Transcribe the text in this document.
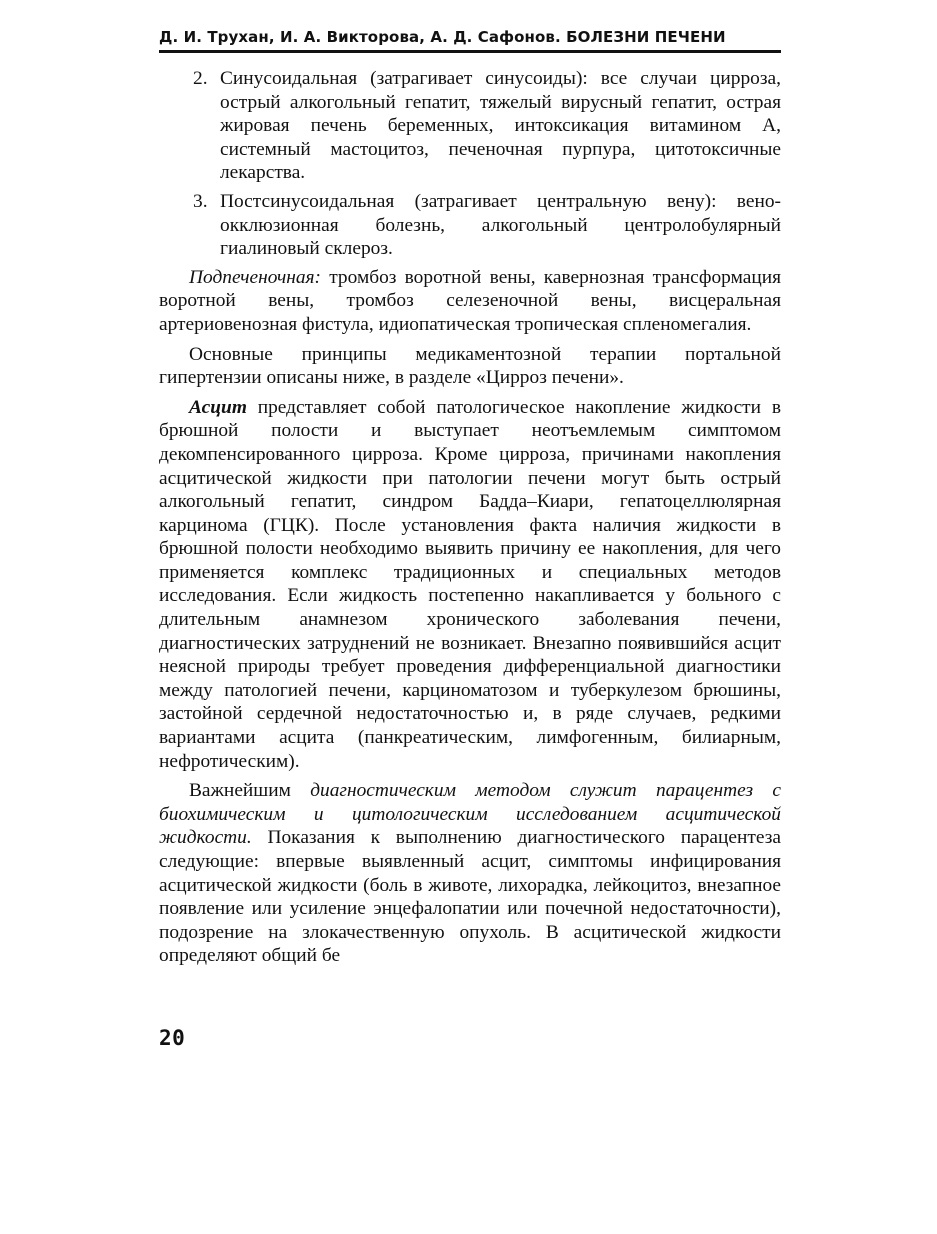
Д. И. Трухан, И. А. Викторова, А. Д. Сафонов. БОЛЕЗНИ ПЕЧЕНИ
2. Синусоидальная (затрагивает синусоиды): все случаи цирроза, острый алкогольный гепатит, тяжелый вирусный гепатит, острая жировая печень беременных, интоксикация витамином А, системный мастоцитоз, печеночная пурпура, цитотоксичные лекарства.
3. Постсинусоидальная (затрагивает центральную вену): вено-окклюзионная болезнь, алкогольный центролобулярный гиалиновый склероз.

Подпеченочная: тромбоз воротной вены, кавернозная трансформация воротной вены, тромбоз селезеночной вены, висцеральная артериовенозная фистула, идиопатическая тропическая спленомегалия.

Основные принципы медикаментозной терапии портальной гипертензии описаны ниже, в разделе «Цирроз печени».

Асцит представляет собой патологическое накопление жидкости в брюшной полости и выступает неотъемлемым симптомом декомпенсированного цирроза. Кроме цирроза, причинами накопления асцитической жидкости при патологии печени могут быть острый алкогольный гепатит, синдром Бадда–Киари, гепатоцеллюлярная карцинома (ГЦК). После установления факта наличия жидкости в брюшной полости необходимо выявить причину ее накопления, для чего применяется комплекс традиционных и специальных методов исследования. Если жидкость постепенно накапливается у больного с длительным анамнезом хронического заболевания печени, диагностических затруднений не возникает. Внезапно появившийся асцит неясной природы требует проведения дифференциальной диагностики между патологией печени, карциноматозом и туберкулезом брюшины, застойной сердечной недостаточностью и, в ряде случаев, редкими вариантами асцита (панкреатическим, лимфогенным, билиарным, нефротическим).

Важнейшим диагностическим методом служит парацентез с биохимическим и цитологическим исследованием асцитической жидкости. Показания к выполнению диагностического парацентеза следующие: впервые выявленный асцит, симптомы инфицирования асцитической жидкости (боль в животе, лихорадка, лейкоцитоз, внезапное появление или усиление энцефалопатии или почечной недостаточности), подозрение на злокачественную опухоль. В асцитической жидкости определяют общий бе

20
